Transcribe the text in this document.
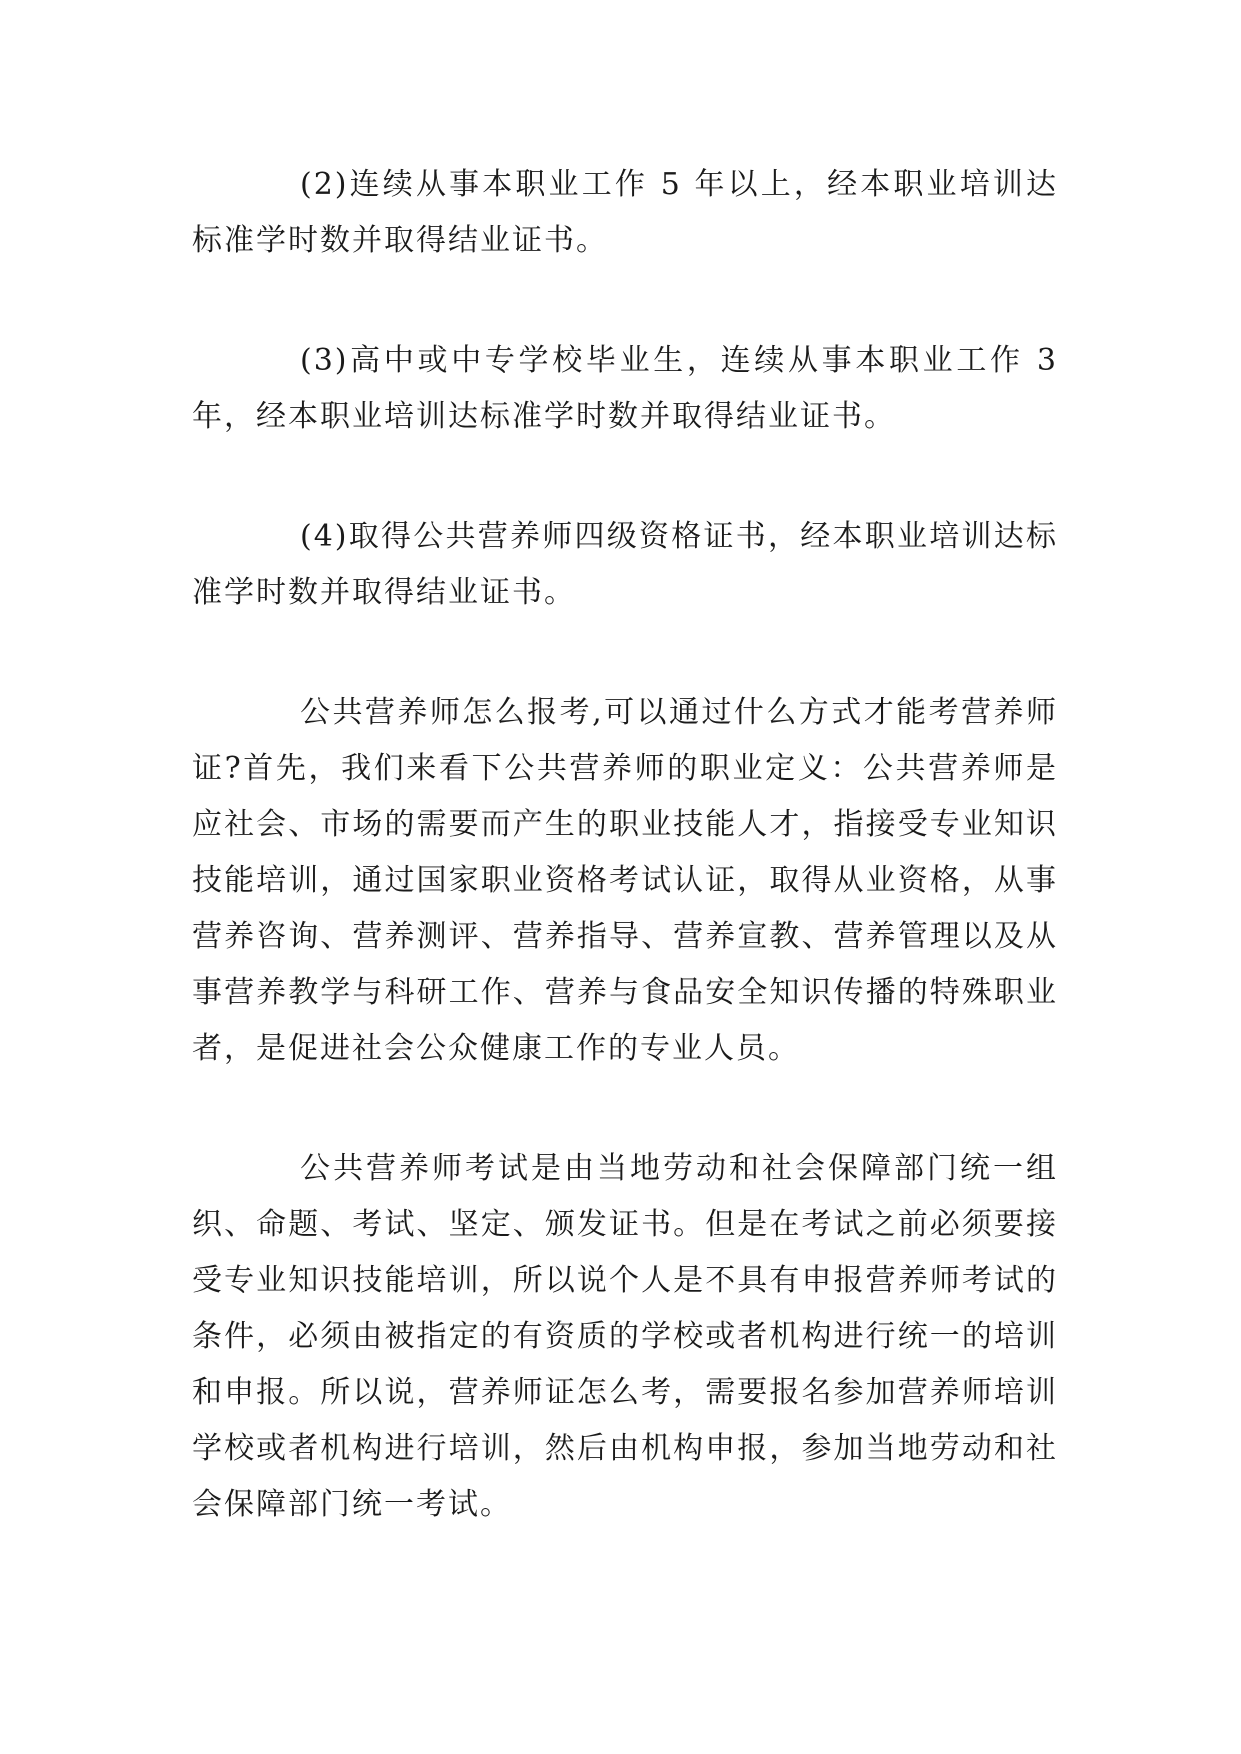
(2)连续从事本职业工作 5 年以上，经本职业培训达标准学时数并取得结业证书。

(3)高中或中专学校毕业生，连续从事本职业工作 3 年，经本职业培训达标准学时数并取得结业证书。

(4)取得公共营养师四级资格证书，经本职业培训达标准学时数并取得结业证书。

公共营养师怎么报考,可以通过什么方式才能考营养师证?首先，我们来看下公共营养师的职业定义：公共营养师是应社会、市场的需要而产生的职业技能人才，指接受专业知识技能培训，通过国家职业资格考试认证，取得从业资格，从事营养咨询、营养测评、营养指导、营养宣教、营养管理以及从事营养教学与科研工作、营养与食品安全知识传播的特殊职业者，是促进社会公众健康工作的专业人员。

公共营养师考试是由当地劳动和社会保障部门统一组织、命题、考试、坚定、颁发证书。但是在考试之前必须要接受专业知识技能培训，所以说个人是不具有申报营养师考试的条件，必须由被指定的有资质的学校或者机构进行统一的培训和申报。所以说，营养师证怎么考，需要报名参加营养师培训学校或者机构进行培训，然后由机构申报，参加当地劳动和社会保障部门统一考试。
